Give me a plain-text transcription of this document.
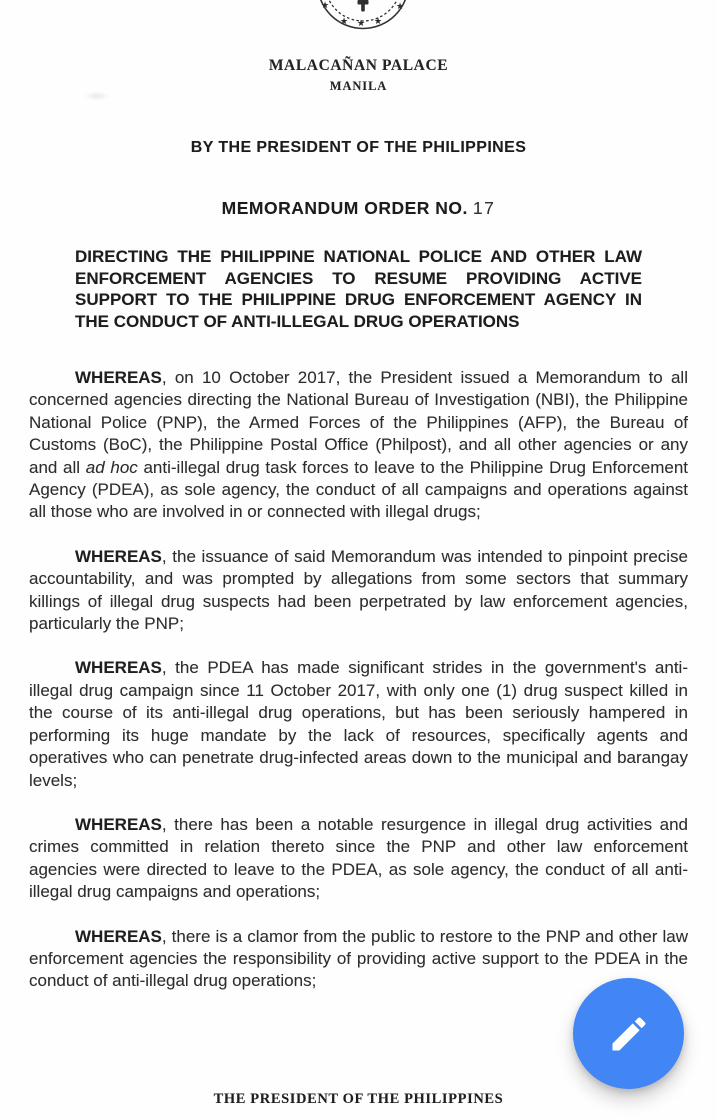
★	★
★ ★ ★
MALACAÑAN PALACE
MANILA
BY THE PRESIDENT OF THE PHILIPPINES
MEMORANDUM ORDER NO. 17
DIRECTING THE PHILIPPINE NATIONAL POLICE AND OTHER LAW ENFORCEMENT AGENCIES TO RESUME PROVIDING ACTIVE SUPPORT TO THE PHILIPPINE DRUG ENFORCEMENT AGENCY IN THE CONDUCT OF ANTI-ILLEGAL DRUG OPERATIONS

WHEREAS, on 10 October 2017, the President issued a Memorandum to all concerned agencies directing the National Bureau of Investigation (NBI), the Philippine National Police (PNP), the Armed Forces of the Philippines (AFP), the Bureau of Customs (BoC), the Philippine Postal Office (Philpost), and all other agencies or any and all ad hoc anti-illegal drug task forces to leave to the Philippine Drug Enforcement Agency (PDEA), as sole agency, the conduct of all campaigns and operations against all those who are involved in or connected with illegal drugs;

WHEREAS, the issuance of said Memorandum was intended to pinpoint precise accountability, and was prompted by allegations from some sectors that summary killings of illegal drug suspects had been perpetrated by law enforcement agencies, particularly the PNP;

WHEREAS, the PDEA has made significant strides in the government's anti-illegal drug campaign since 11 October 2017, with only one (1) drug suspect killed in the course of its anti-illegal drug operations, but has been seriously hampered in performing its huge mandate by the lack of resources, specifically agents and operatives who can penetrate drug-infected areas down to the municipal and barangay levels;

WHEREAS, there has been a notable resurgence in illegal drug activities and crimes committed in relation thereto since the PNP and other law enforcement agencies were directed to leave to the PDEA, as sole agency, the conduct of all anti-illegal drug campaigns and operations;

WHEREAS, there is a clamor from the public to restore to the PNP and other law enforcement agencies the responsibility of providing active support to the PDEA in the conduct of anti-illegal drug operations;

THE PRESIDENT OF THE PHILIPPINES
